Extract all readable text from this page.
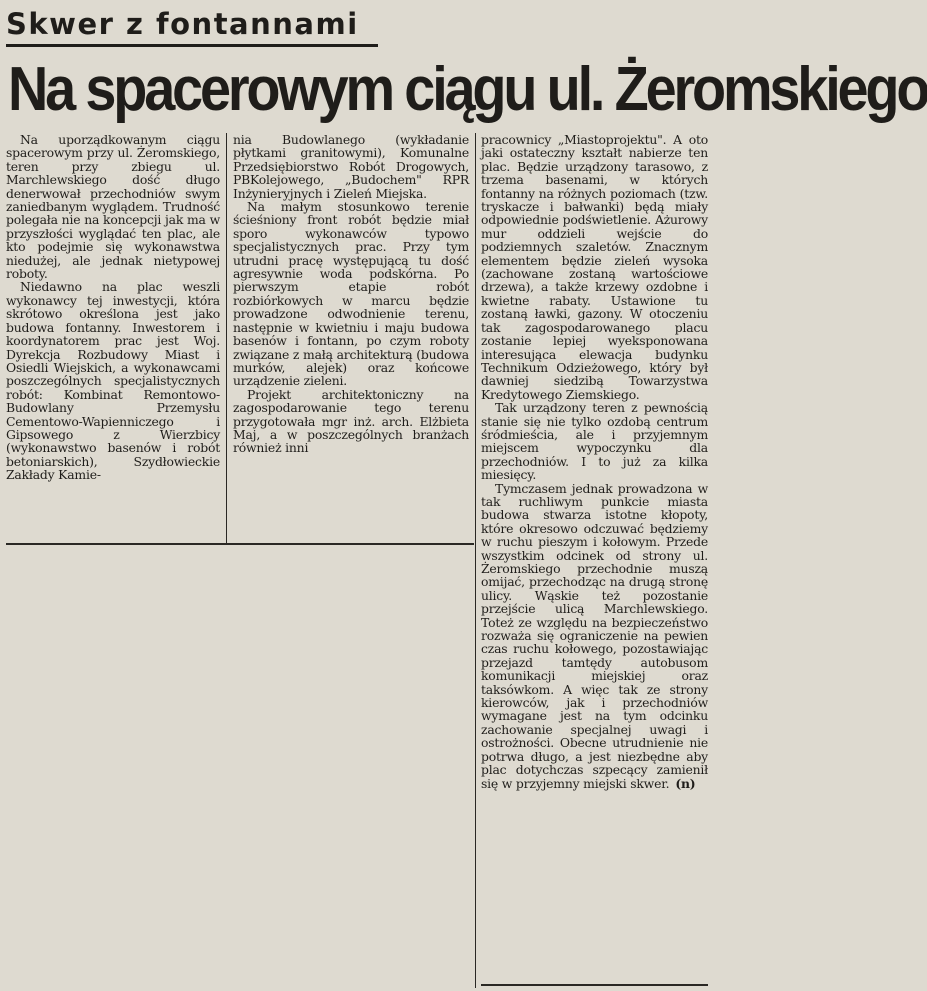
Skwer z fontannami
Na spacerowym ciągu ul. Żeromskiego

Na uporządkowanym ciągu spacerowym przy ul. Żeromskiego, teren przy zbiegu ul. Marchlewskiego dość długo denerwował przechodniów swym zaniedbanym wyglądem. Trudność polegała nie na koncepcji jak ma w przyszłości wyglądać ten plac, ale kto podejmie się wykonawstwa niedużej, ale jednak nietypowej roboty.

Niedawno na plac weszli wykonawcy tej inwestycji, która skrótowo określona jest jako budowa fontanny. Inwestorem i koordynatorem prac jest Woj. Dyrekcja Rozbudowy Miast i Osiedli Wiejskich, a wykonawcami poszczególnych specjalistycznych robót: Kombinat Remontowo-Budowlany Przemysłu Cementowo-Wapienniczego i Gipsowego z Wierzbicy (wykonawstwo basenów i robót betoniarskich), Szydłowieckie Zakłady Kamie-

nia Budowlanego (wykładanie płytkami granitowymi), Komunalne Przedsiębiorstwo Robót Drogowych, PBKolejowego, „Budochem" RPR Inżynieryjnych i Zieleń Miejska.

Na małym stosunkowo terenie ścieśniony front robót będzie miał sporo wykonawców typowo specjalistycznych prac. Przy tym utrudni pracę występującą tu dość agresywnie woda podskórna. Po pierwszym etapie robót rozbiórkowych w marcu będzie prowadzone odwodnienie terenu, następnie w kwietniu i maju budowa basenów i fontann, po czym roboty związane z małą architekturą (budowa murków, alejek) oraz końcowe urządzenie zieleni.

Projekt architektoniczny na zagospodarowanie tego terenu przygotowała mgr inż. arch. Elżbieta Maj, a w poszczególnych branżach również inni

pracownicy „Miastoprojektu". A oto jaki ostateczny kształt nabierze ten plac. Będzie urządzony tarasowo, z trzema basenami, w których fontanny na różnych poziomach (tzw. tryskacze i bałwanki) będą miały odpowiednie podświetlenie. Ażurowy mur oddzieli wejście do podziemnych szaletów. Znacznym elementem będzie zieleń wysoka (zachowane zostaną wartościowe drzewa), a także krzewy ozdobne i kwietne rabaty. Ustawione tu zostaną ławki, gazony. W otoczeniu tak zagospodarowanego placu zostanie lepiej wyeksponowana interesująca elewacja budynku Technikum Odzieżowego, który był dawniej siedzibą Towarzystwa Kredytowego Ziemskiego.

Tak urządzony teren z pewnością stanie się nie tylko ozdobą centrum śródmieścia, ale i przyjemnym miejscem wypoczynku dla przechodniów. I to już za kilka miesięcy.

Tymczasem jednak prowadzona w tak ruchliwym punkcie miasta budowa stwarza istotne kłopoty, które okresowo odczuwać będziemy w ruchu pieszym i kołowym. Przede wszystkim odcinek od strony ul. Żeromskiego przechodnie muszą omijać, przechodząc na drugą stronę ulicy. Wąskie też pozostanie przejście ulicą Marchlewskiego. Toteż ze względu na bezpieczeństwo rozważa się ograniczenie na pewien czas ruchu kołowego, pozostawiając przejazd tamtędy autobusom komunikacji miejskiej oraz taksówkom. A więc tak ze strony kierowców, jak i przechodniów wymagane jest na tym odcinku zachowanie specjalnej uwagi i ostrożności. Obecne utrudnienie nie potrwa długo, a jest niezbędne aby plac dotychczas szpecący zamienił się w przyjemny miejski skwer. (n)
